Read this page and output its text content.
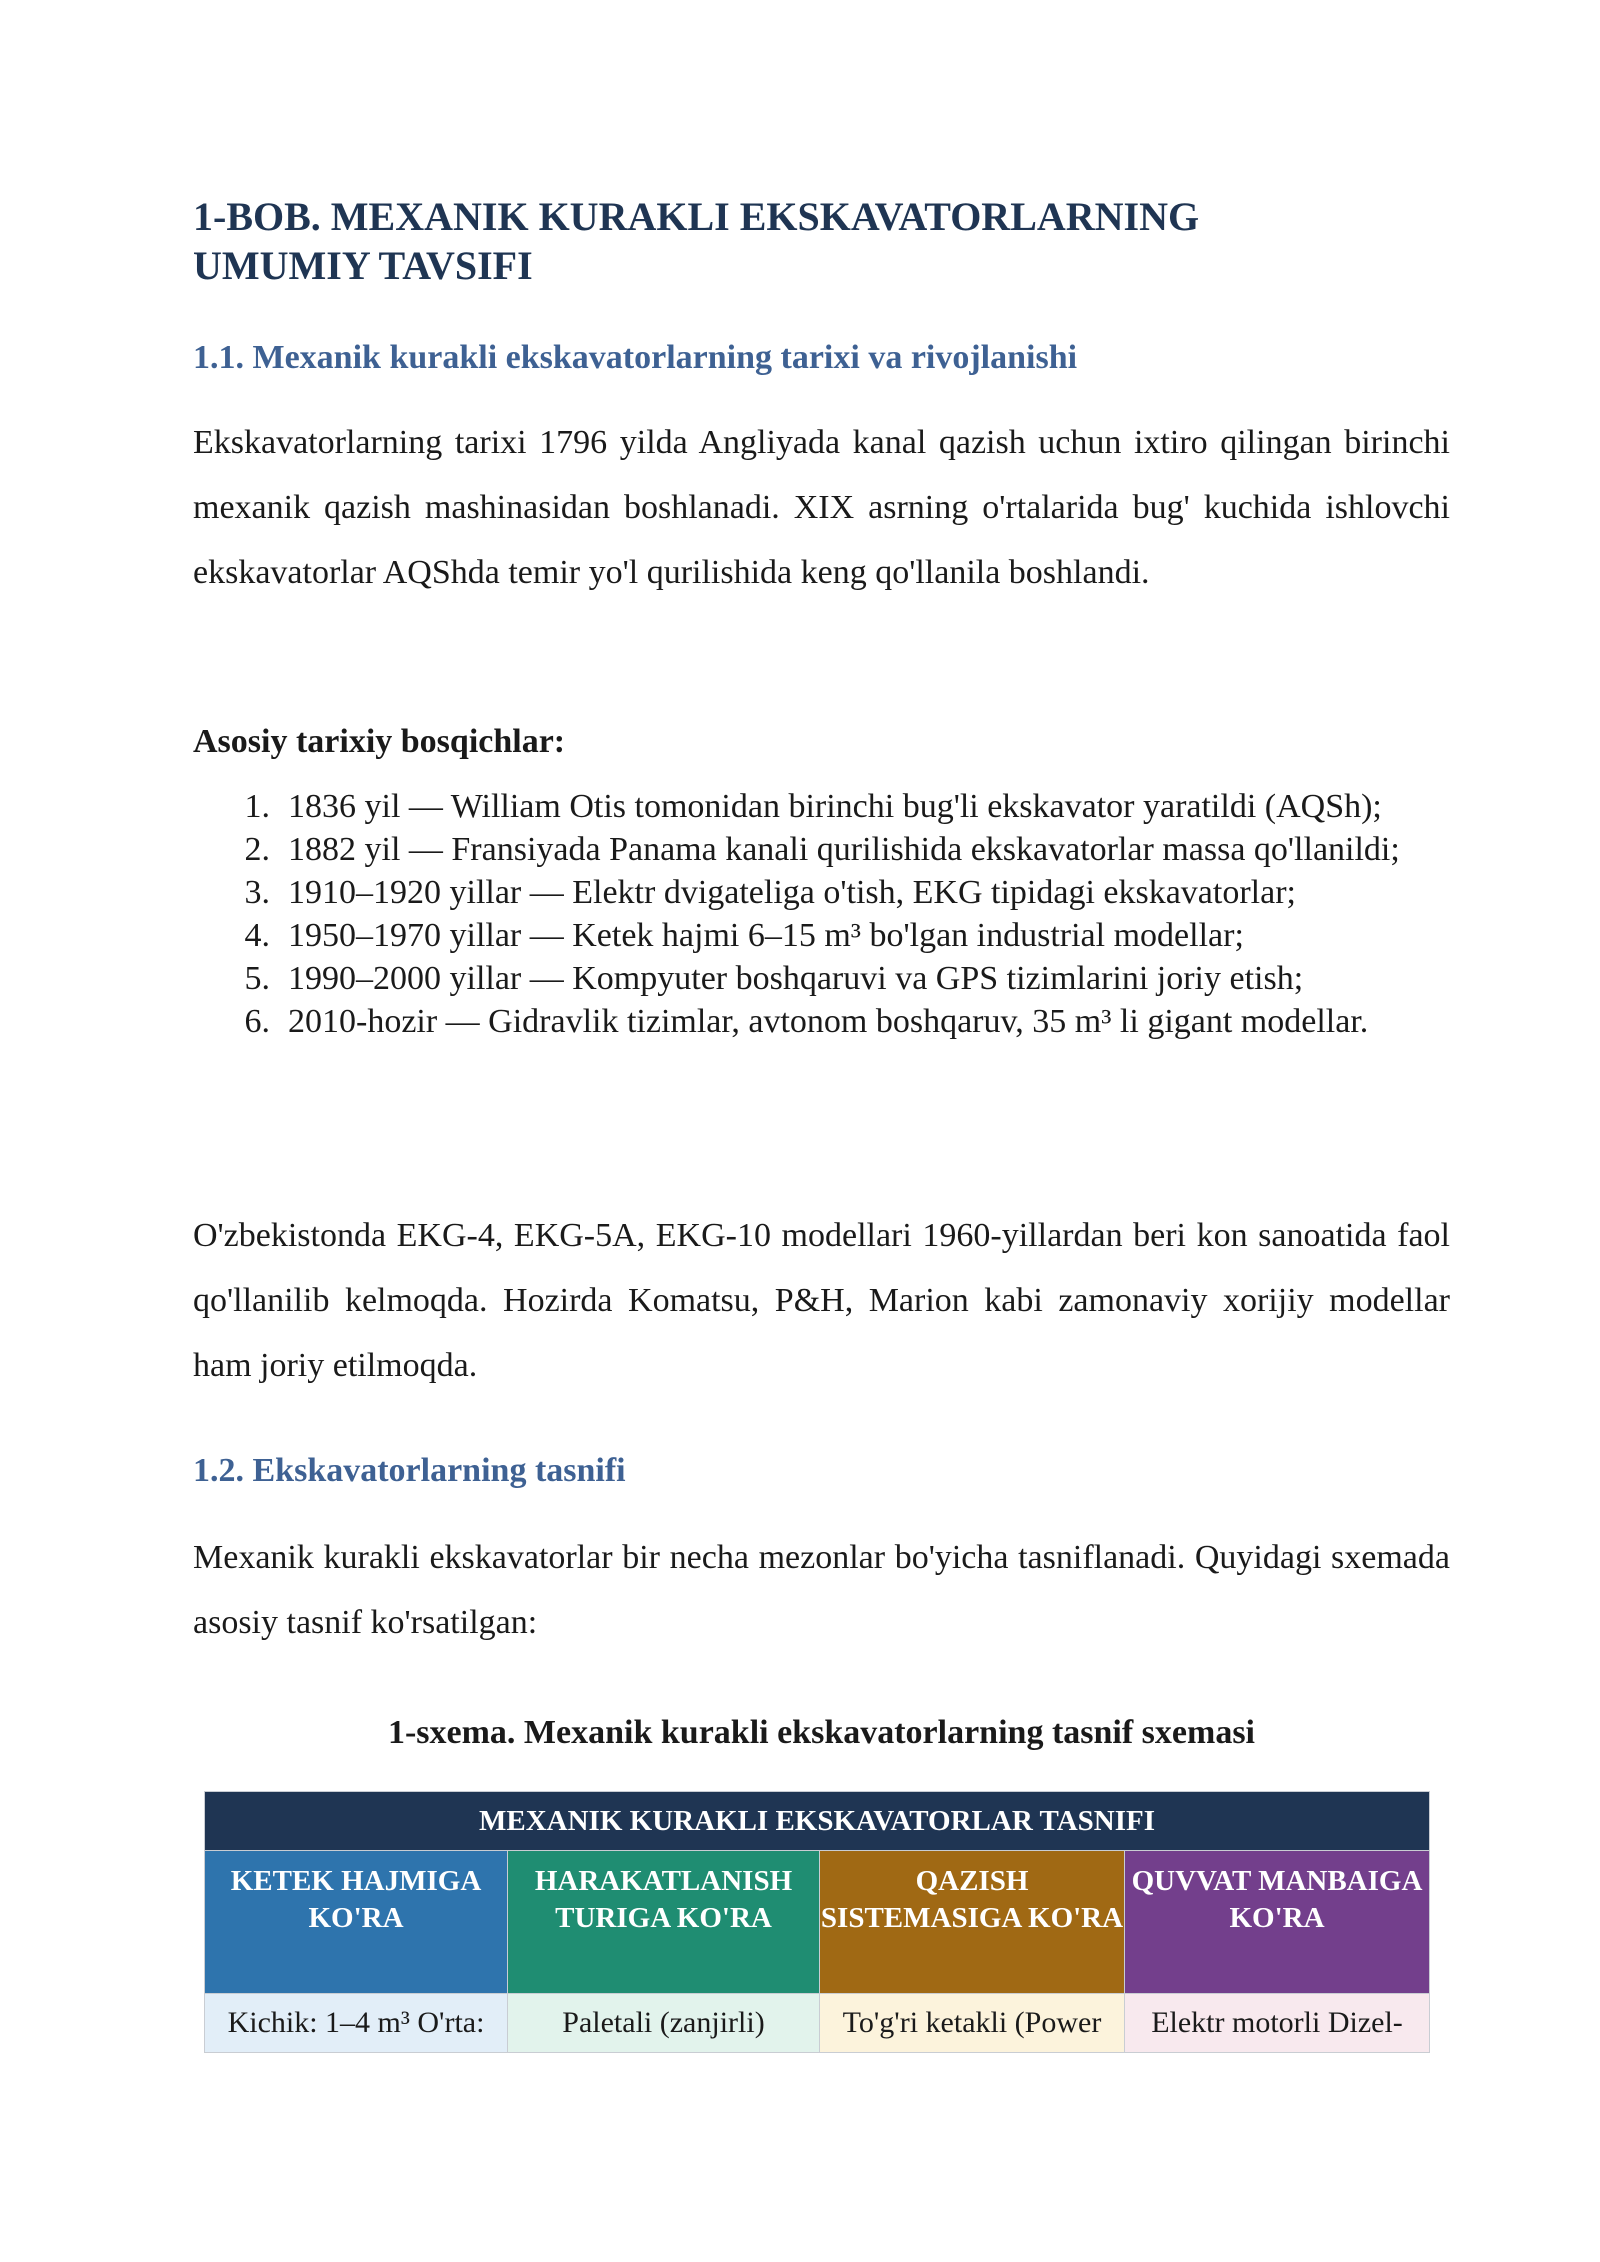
1-BOB. MEXANIK KURAKLI EKSKAVATORLARNING
UMUMIY TAVSIFI
1.1. Mexanik kurakli ekskavatorlarning tarixi va rivojlanishi

Ekskavatorlarning tarixi 1796 yilda Angliyada kanal qazish uchun ixtiro qilingan birinchi mexanik qazish mashinasidan boshlanadi. XIX asrning o'rtalarida bug' kuchida ishlovchi ekskavatorlar AQShda temir yo'l qurilishida keng qo'llanila boshlandi.

Asosiy tarixiy bosqichlar:
1. 1836 yil — William Otis tomonidan birinchi bug'li ekskavator yaratildi (AQSh);
2. 1882 yil — Fransiyada Panama kanali qurilishida ekskavatorlar massa qo'llanildi;
3. 1910–1920 yillar — Elektr dvigateliga o'tish, EKG tipidagi ekskavatorlar;
4. 1950–1970 yillar — Ketek hajmi 6–15 m³ bo'lgan industrial modellar;
5. 1990–2000 yillar — Kompyuter boshqaruvi va GPS tizimlarini joriy etish;
6. 2010-hozir — Gidravlik tizimlar, avtonom boshqaruv, 35 m³ li gigant modellar.

O'zbekistonda EKG-4, EKG-5A, EKG-10 modellari 1960-yillardan beri kon sanoatida faol qo'llanilib kelmoqda. Hozirda Komatsu, P&H, Marion kabi zamonaviy xorijiy modellar ham joriy etilmoqda.

1.2. Ekskavatorlarning tasnifi

Mexanik kurakli ekskavatorlar bir necha mezonlar bo'yicha tasniflanadi. Quyidagi sxemada asosiy tasnif ko'rsatilgan:

1-sxema. Mexanik kurakli ekskavatorlarning tasnif sxemasi

MEXANIK KURAKLI EKSKAVATORLAR TASNIFI			
KETEK HAJMIGA KO'RA	HARAKATLANISH TURIGA KO'RA	QAZISH SISTEMASIGA KO'RA	QUVVAT MANBAIGA KO'RA
Kichik: 1–4 m³ O'rta:	Paletali (zanjirli)	To'g'ri ketakli (Power	Elektr motorli Dizel-
